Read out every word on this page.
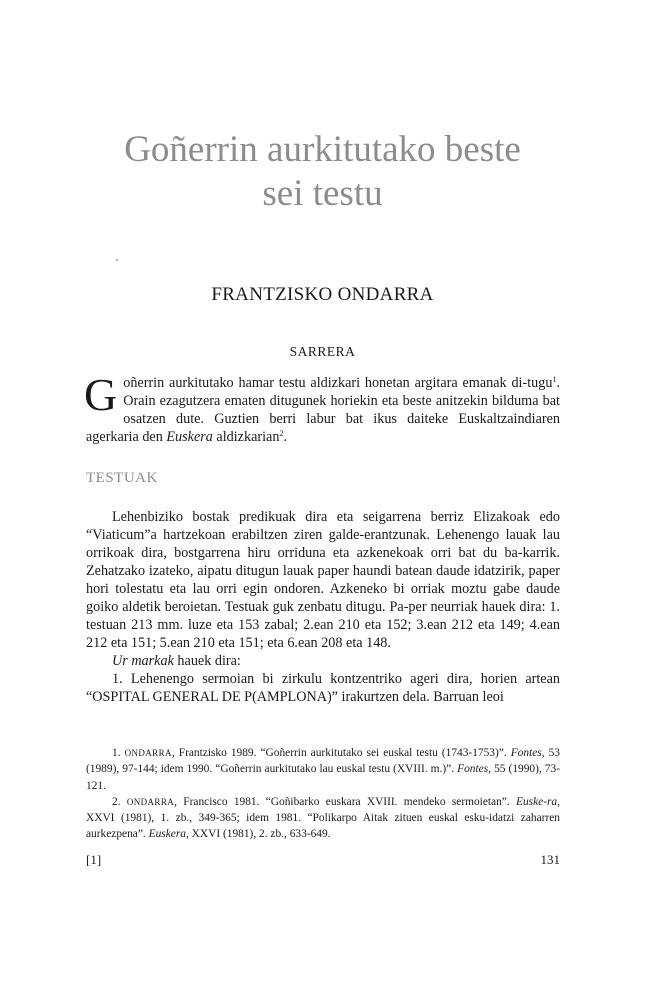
Goñerrin aurkitutako beste
sei testu
FRANTZISKO ONDARRA
SARRERA
Goñerrin aurkitutako hamar testu aldizkari honetan argitara emanak di-tugu$^1$. Orain ezagutzera ematen ditugunek horiekin eta beste anitzekin bilduma bat osatzen dute. Guztien berri labur bat ikus daiteke Euskaltzaindiaren agerkaria den Euskera aldizkarian$^2$.
TESTUAK

Lehenbiziko bostak predikuak dira eta seigarrena berriz Elizakoak edo “Viaticum”a hartzekoan erabiltzen ziren galde-erantzunak. Lehenengo lauak lau orrikoak dira, bostgarrena hiru orriduna eta azkenekoak orri bat du ba-karrik. Zehatzako izateko, aipatu ditugun lauak paper haundi batean daude idatzirik, paper hori tolestatu eta lau orri egin ondoren. Azkeneko bi orriak moztu gabe daude goiko aldetik beroietan. Testuak guk zenbatu ditugu. Pa-per neurriak hauek dira: 1. testuan 213 mm. luze eta 153 zabal; 2.ean 210 eta 152; 3.ean 212 eta 149; 4.ean 212 eta 151; 5.ean 210 eta 151; eta 6.ean 208 eta 148.

Ur markak hauek dira:

1. Lehenengo sermoian bi zirkulu kontzentriko ageri dira, horien artean “OSPITAL GENERAL DE P(AMPLONA)” irakurtzen dela. Barruan leoi

1. ONDARRA, Frantzisko 1989. “Goñerrin aurkitutako sei euskal testu (1743-1753)”. Fontes, 53 (1989), 97-144; idem 1990. “Goñerrin aurkitutako lau euskal testu (XVIII. m.)”. Fontes, 55 (1990), 73-121.

2. ONDARRA, Francisco 1981. “Goñibarko euskara XVIII. mendeko sermoietan”. Euske-ra, XXVI (1981), 1. zb., 349-365; idem 1981. “Polikarpo Aitak zituen euskal esku-idatzi zaharren aurkezpena”. Euskera, XXVI (1981), 2. zb., 633-649.

[1]	131
